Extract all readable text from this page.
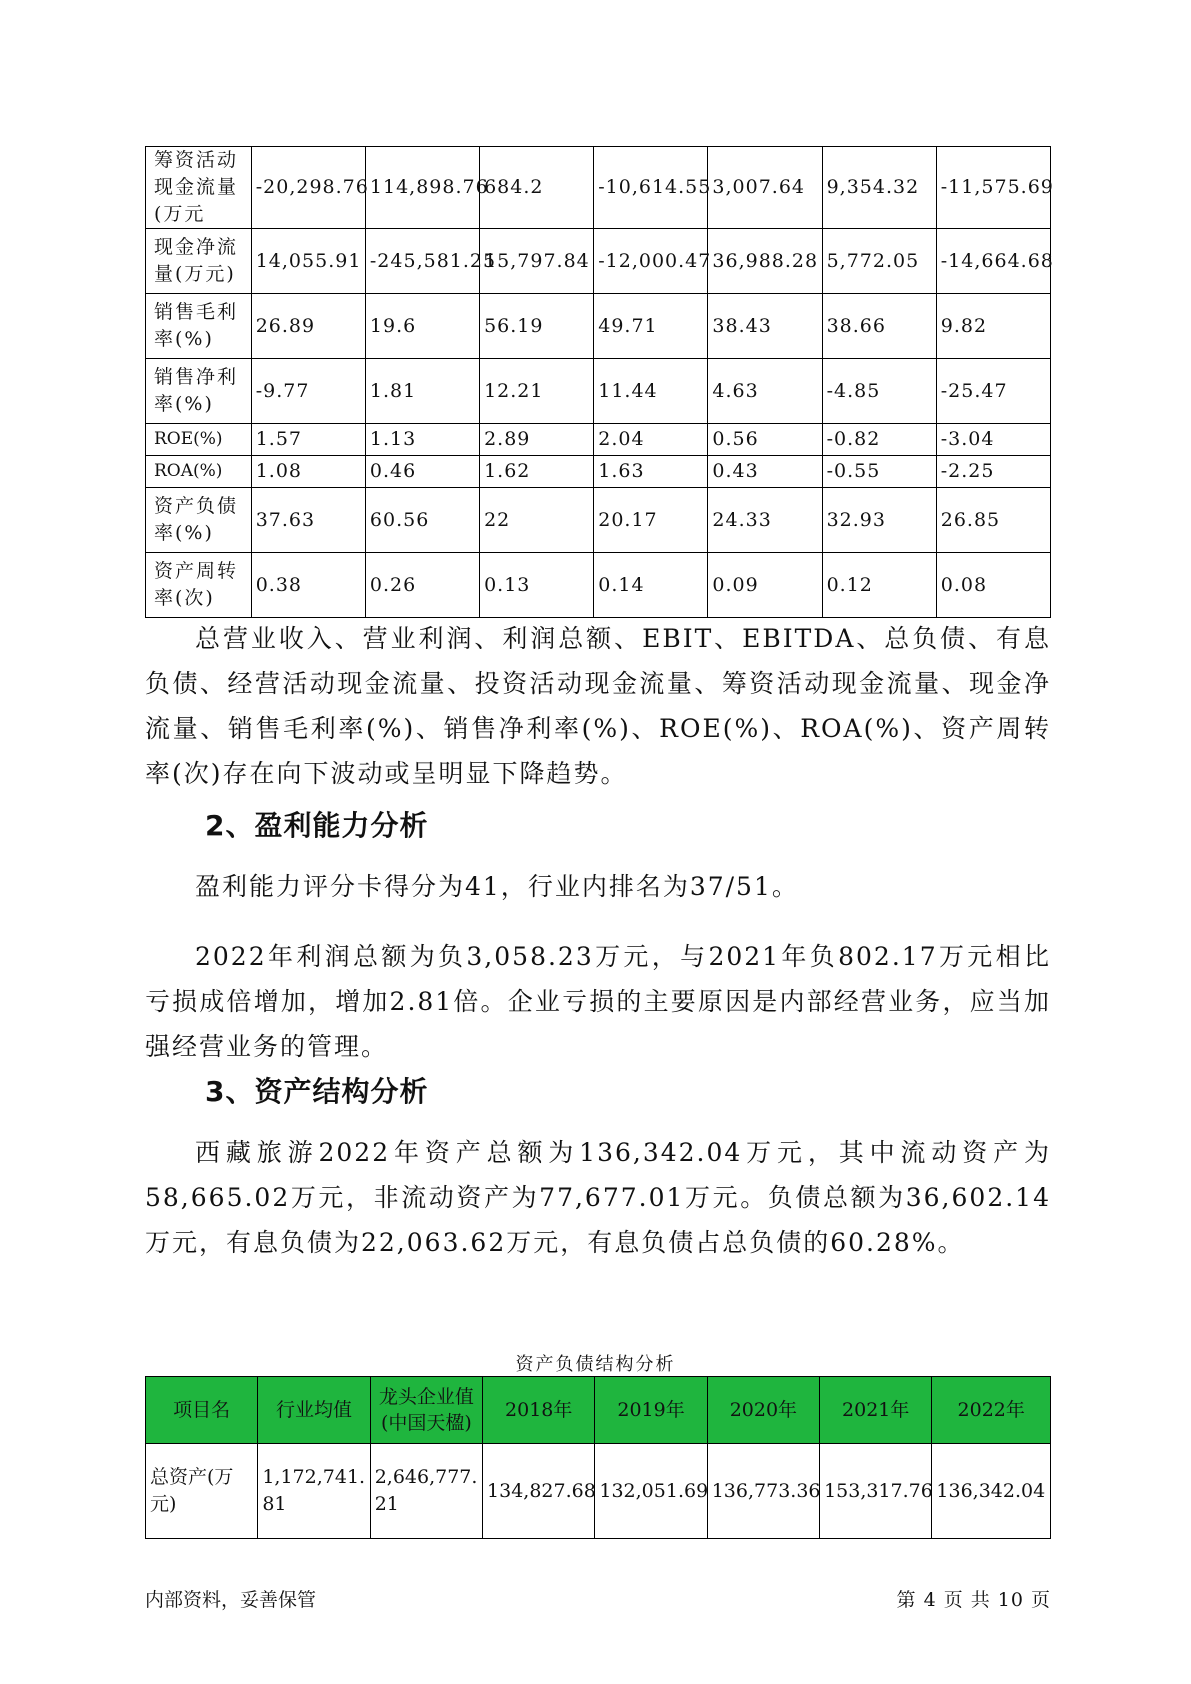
筹资活动现金流量(万元	-20,298.76	114,898.76	684.2	-10,614.55	3,007.64	9,354.32	-11,575.69
现金净流量(万元)	14,055.91	-245,581.25	15,797.84	-12,000.47	36,988.28	5,772.05	-14,664.68
销售毛利率(%)	26.89	19.6	56.19	49.71	38.43	38.66	9.82
销售净利率(%)	-9.77	1.81	12.21	11.44	4.63	-4.85	-25.47
ROE(%)	1.57	1.13	2.89	2.04	0.56	-0.82	-3.04
ROA(%)	1.08	0.46	1.62	1.63	0.43	-0.55	-2.25
资产负债率(%)	37.63	60.56	22	20.17	24.33	32.93	26.85
资产周转率(次)	0.38	0.26	0.13	0.14	0.09	0.12	0.08

总营业收入、营业利润、利润总额、EBIT、EBITDA、总负债、有息负债、经营活动现金流量、投资活动现金流量、筹资活动现金流量、现金净流量、销售毛利率(%)、销售净利率(%)、ROE(%)、ROA(%)、资产周转率(次)存在向下波动或呈明显下降趋势。

2、盈利能力分析

盈利能力评分卡得分为41，行业内排名为37/51。

2022年利润总额为负3,058.23万元，与2021年负802.17万元相比亏损成倍增加，增加2.81倍。企业亏损的主要原因是内部经营业务，应当加强经营业务的管理。

3、资产结构分析

西藏旅游2022年资产总额为136,342.04万元，其中流动资产为58,665.02万元，非流动资产为77,677.01万元。负债总额为36,602.14万元，有息负债为22,063.62万元，有息负债占总负债的60.28%。

资产负债结构分析
项目名	行业均值	龙头企业值(中国天楹)	2018年	2019年	2020年	2021年	2022年
总资产(万元)	1,172,741.81	2,646,777.21	134,827.68	132,051.69	136,773.36	153,317.76	136,342.04
内部资料，妥善保管	第 4 页 共 10 页
